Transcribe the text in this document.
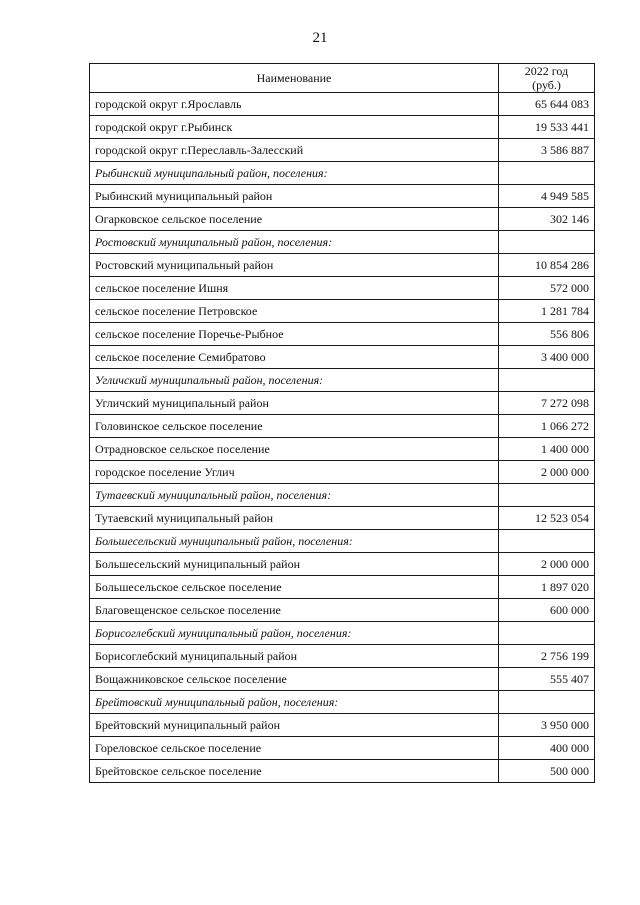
21
Наименование	2022 год
(руб.)

городской округ г.Ярославль	65 644 083
городской округ г.Рыбинск	19 533 441
городской округ г.Переславль-Залесский	3 586 887
Рыбинский муниципальный район, поселения:	
Рыбинский муниципальный район	4 949 585
Огарковское сельское поселение	302 146
Ростовский муниципальный район, поселения:	
Ростовский муниципальный район	10 854 286
сельское поселение Ишня	572 000
сельское поселение Петровское	1 281 784
сельское поселение Поречье-Рыбное	556 806
сельское поселение Семибратово	3 400 000
Угличский муниципальный район, поселения:	
Угличский муниципальный район	7 272 098
Головинское сельское поселение	1 066 272
Отрадновское сельское поселение	1 400 000
городское поселение Углич	2 000 000
Тутаевский муниципальный район, поселения:	
Тутаевский муниципальный район	12 523 054
Большесельский муниципальный район, поселения:	
Большесельский муниципальный район	2 000 000
Большесельское сельское поселение	1 897 020
Благовещенское сельское поселение	600 000
Борисоглебский муниципальный район, поселения:	
Борисоглебский муниципальный район	2 756 199
Вощажниковское сельское поселение	555 407
Брейтовский муниципальный район, поселения:	
Брейтовский муниципальный район	3 950 000
Гореловское сельское поселение	400 000
Брейтовское сельское поселение	500 000
